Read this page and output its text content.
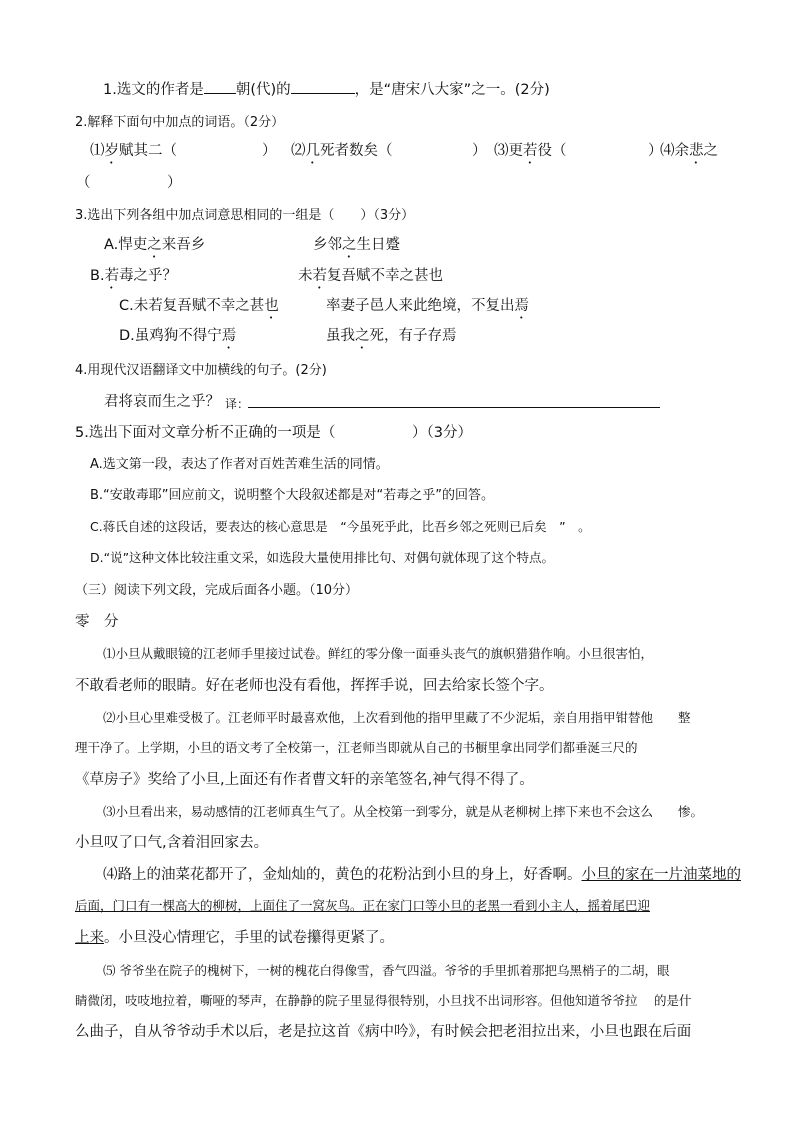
1.选文的作者是 朝(代)的	，是“唐宋八大家”之一。(2分)
2.解释下面句中加点的词语。（2分）
⑴岁赋其二（	） ⑵几死者数矣（	） ⑶更若役（	）
⑷余悲之
（	）
3.选出下列各组中加点词意思相同的一组是（　　）（3分）
A.悍吏之来吾乡	乡邻之生日蹙
B.若毒之乎？	未若复吾赋不幸之甚也
C.未若复吾赋不幸之甚也	率妻子邑人来此绝境，不复出焉
D.虽鸡狗不得宁焉	虽我之死，有子存焉
4.用现代汉语翻译文中加横线的句子。(2分)
君将哀而生之乎？ 译：
5.选出下面对文章分析不正确的一项是（	）（3分）
A.选文第一段，表达了作者对百姓苦难生活的同情。
B.“安敢毒耶”回应前文，说明整个大段叙述都是对“若毒之乎”的回答。
C.蒋氏自述的这段话，要表达的核心意思是　“今虽死乎此，比吾乡邻之死则已后矣　”　。
D.“说”这种文体比较注重文采，如选段大量使用排比句、对偶句就体现了这个特点。
（三）阅读下列文段，完成后面各小题。（10分）
零　分
⑴小旦从戴眼镜的江老师手里接过试卷。鲜红的零分像一面垂头丧气的旗帜猎猎作响。小旦很害怕，
不敢看老师的眼睛。好在老师也没有看他，挥挥手说，回去给家长签个字。
⑵小旦心里难受极了。江老师平时最喜欢他，上次看到他的指甲里藏了不少泥垢，亲自用指甲钳替他　　整
理干净了。上学期，小旦的语文考了全校第一，江老师当即就从自己的书橱里拿出同学们都垂涎三尺的
《草房子》奖给了小旦,上面还有作者曹文轩的亲笔签名,神气得不得了。
⑶小旦看出来，易动感情的江老师真生气了。从全校第一到零分，就是从老柳树上摔下来也不会这么　　惨。
小旦叹了口气,含着泪回家去。
⑷路上的油菜花都开了，金灿灿的，黄色的花粉沾到小旦的身上，好香啊。小旦的家在一片油菜地的
后面，门口有一棵高大的柳树，上面住了一窝灰鸟。正在家门口等小旦的老黑一看到小主人，摇着尾巴迎
上来。小旦没心情理它，手里的试卷攥得更紧了。
⑸ 爷爷坐在院子的槐树下，一树的槐花白得像雪，香气四溢。爷爷的手里抓着那把乌黑梢子的二胡，眼
睛微闭，吱吱地拉着，嘶哑的琴声，在静静的院子里显得很特别，小旦找不出词形容。但他知道爷爷拉　 的是什
么曲子，自从爷爷动手术以后，老是拉这首《病中吟》，有时候会把老泪拉出来，小旦也跟在后面
